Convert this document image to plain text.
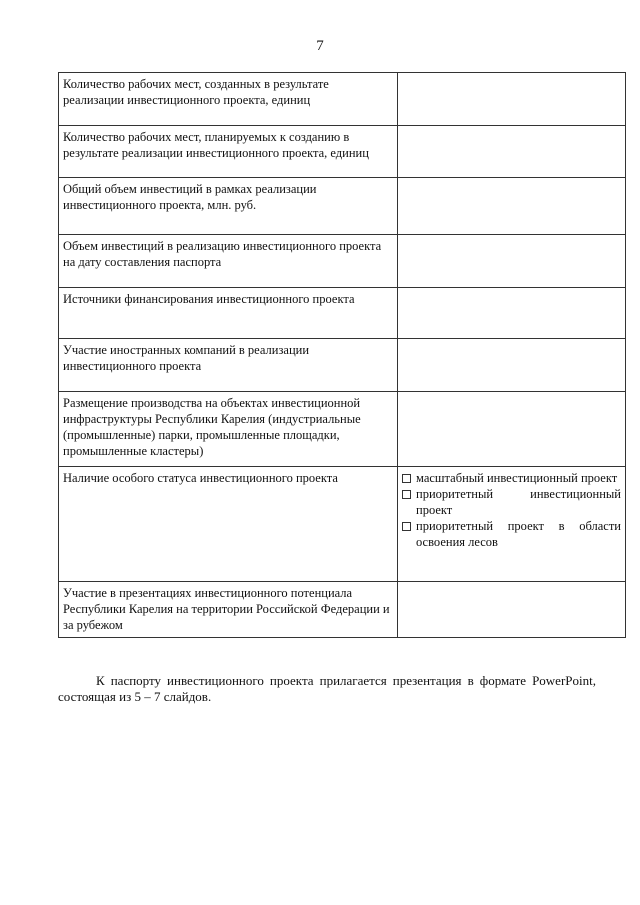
7
Количество рабочих мест, созданных в результате реализации инвестиционного проекта, единиц	
Количество рабочих мест, планируемых к созданию в результате реализации инвестиционного проекта, единиц	
Общий объем инвестиций в рамках реализации инвестиционного проекта, млн. руб.	
Объем инвестиций в реализацию инвестиционного проекта на дату составления паспорта	
Источники финансирования инвестиционного проекта	
Участие иностранных компаний в реализации инвестиционного проекта	
Размещение производства на объектах инвестиционной инфраструктуры Республики Карелия (индустриальные (промышленные) парки, промышленные площадки, промышленные кластеры)	
Наличие особого статуса инвестиционного проекта	масштабный инвестиционный проект
приоритетный инвестиционный проект
приоритетный проект в области освоения лесов

Участие в презентациях инвестиционного потенциала Республики Карелия на территории Российской Федерации и за рубежом	

К паспорту инвестиционного проекта прилагается презентация в формате PowerPoint, состоящая из 5 – 7 слайдов.
